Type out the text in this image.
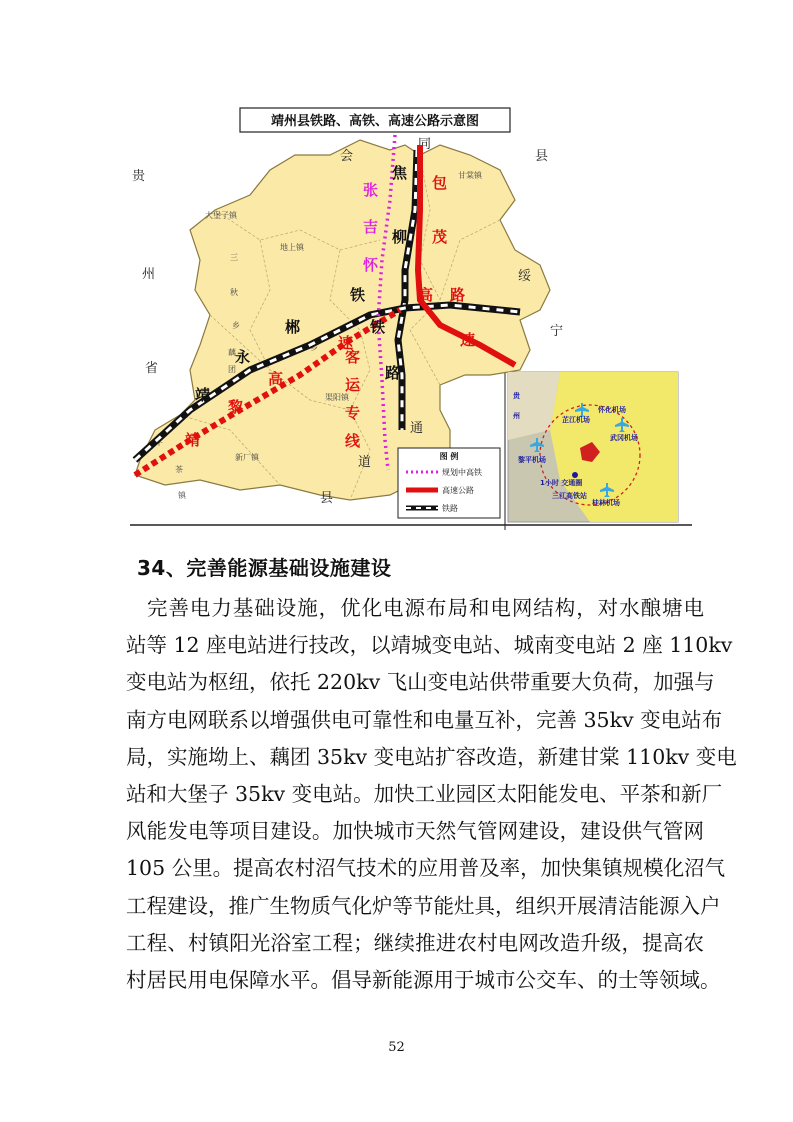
靖州县铁路、高铁、高速公路示意图
会
同
县
贵
州
省
绥
宁
通
道
县
大堡子镇
地上镇
甘棠镇
三
秋
乡
藕
团
乡
新厂镇
平
茶
镇
渠阳镇
张
吉
怀
铁
路
焦
柳
铁
包
茂
高 路
速
靖
永
郴
速
客
运
专
线
靖
黎
高
图 例
规划中高铁
高速公路
铁路
芷江机场
怀化机场
武冈机场
黎平机场
桂林机场
1小时 交通圈
三江高铁站
贵
州
34、完善能源基础设施建设
完善电力基础设施，优化电源布局和电网结构，对水酿塘电
站等 12 座电站进行技改，以靖城变电站、城南变电站 2 座 110kv
变电站为枢纽，依托 220kv 飞山变电站供带重要大负荷，加强与
南方电网联系以增强供电可靠性和电量互补，完善 35kv 变电站布
局，实施坳上、藕团 35kv 变电站扩容改造，新建甘棠 110kv 变电
站和大堡子 35kv 变电站。加快工业园区太阳能发电、平茶和新厂
风能发电等项目建设。加快城市天然气管网建设，建设供气管网
105 公里。提高农村沼气技术的应用普及率，加快集镇规模化沼气
工程建设，推广生物质气化炉等节能灶具，组织开展清洁能源入户
工程、村镇阳光浴室工程；继续推进农村电网改造升级，提高农
村居民用电保障水平。倡导新能源用于城市公交车、的士等领域。
52
